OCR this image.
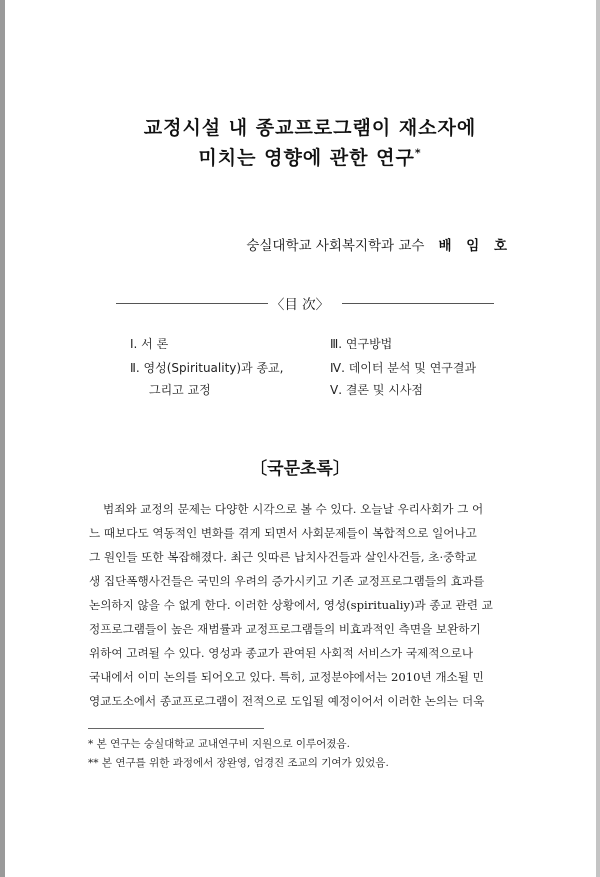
교정시설 내 종교프로그램이 재소자에
미치는 영향에 관한 연구*
숭실대학교 사회복지학과 교수 배 임 호
〈目 次〉
Ⅰ. 서 론
Ⅱ. 영성(Spirituality)과 종교,
그리고 교정
Ⅲ. 연구방법
Ⅳ. 데이터 분석 및 연구결과
Ⅴ. 결론 및 시사점
〔국문초록〕
범죄와 교정의 문제는 다양한 시각으로 볼 수 있다. 오늘날 우리사회가 그 어
느 때보다도 역동적인 변화를 겪게 되면서 사회문제들이 복합적으로 일어나고
그 원인들 또한 복잡해졌다. 최근 잇따른 납치사건들과 살인사건들, 초·중학교
생 집단폭행사건들은 국민의 우려의 증가시키고 기존 교정프로그램들의 효과를
논의하지 않을 수 없게 한다. 이러한 상황에서, 영성(spiritualiy)과 종교 관련 교
정프로그램들이 높은 재범률과 교정프로그램들의 비효과적인 측면을 보완하기
위하여 고려될 수 있다. 영성과 종교가 관여된 사회적 서비스가 국제적으로나
국내에서 이미 논의를 되어오고 있다. 특히, 교정분야에서는 2010년 개소될 민
영교도소에서 종교프로그램이 전적으로 도입될 예정이어서 이러한 논의는 더욱
* 본 연구는 숭실대학교 교내연구비 지원으로 이루어졌음.
** 본 연구를 위한 과정에서 장완영, 엄경진 조교의 기여가 있었음.
